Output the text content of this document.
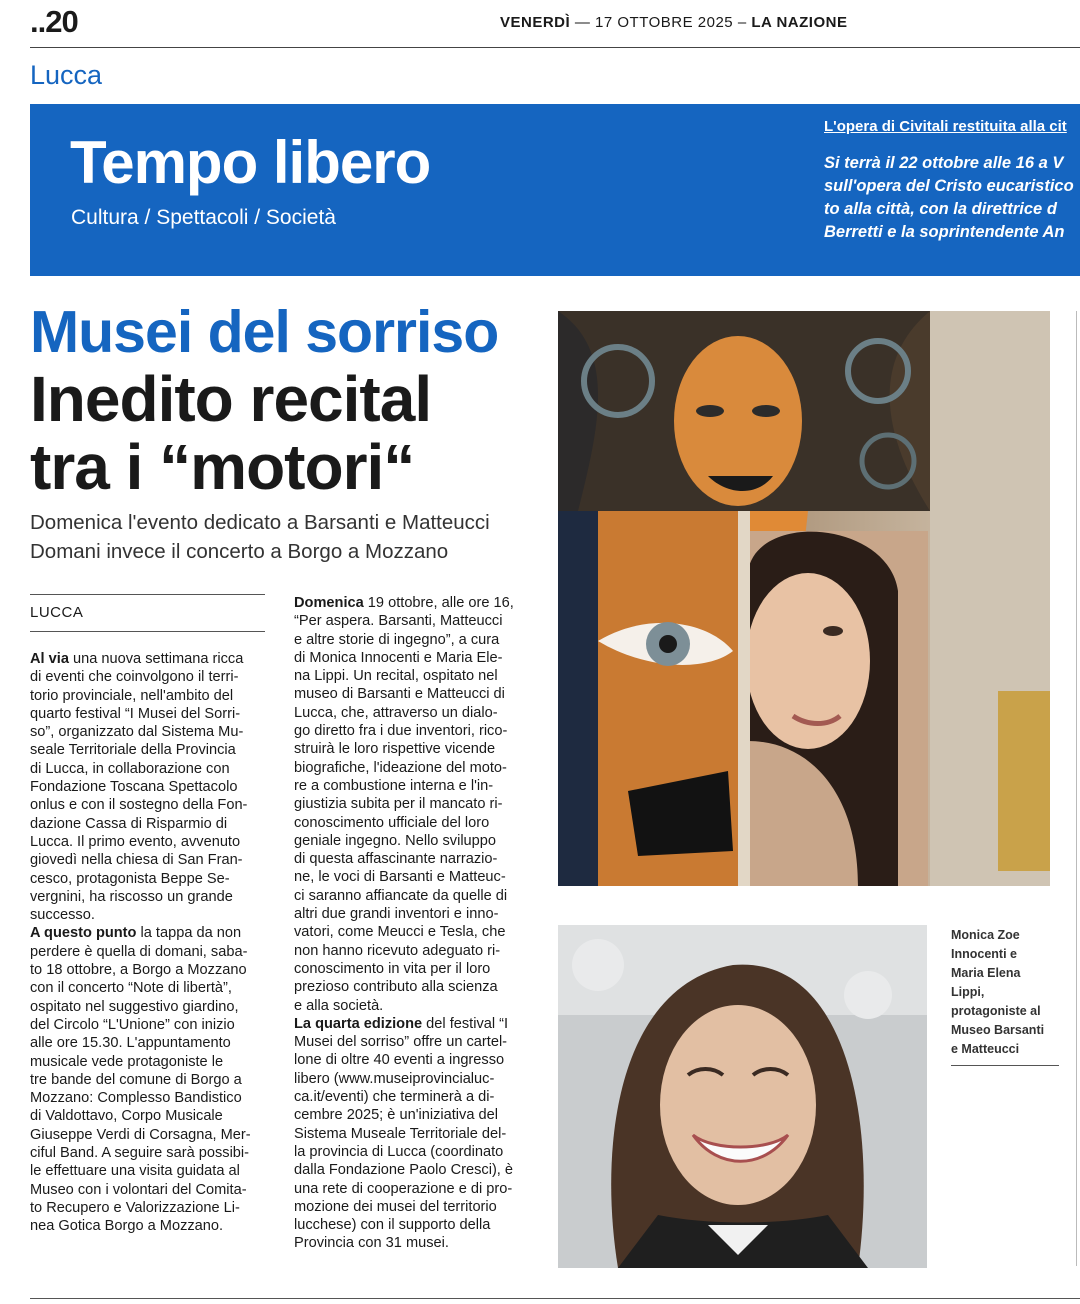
..20	VENERDÌ — 17 OTTOBRE 2025 – LA NAZIONE
Lucca
Tempo libero
Cultura / Spettacoli / Società
L'opera di Civitali restituita alla cit
Si terrà il 22 ottobre alle 16 a V
sull'opera del Cristo eucaristico
to alla città, con la direttrice d
Berretti e la soprintendente An
Musei del sorriso
Inedito recital
tra i “motori“
Domenica l'evento dedicato a Barsanti e Matteucci
Domani invece il concerto a Borgo a Mozzano
LUCCA
Al via una nuova settimana ricca
di eventi che coinvolgono il terri-
torio provinciale, nell'ambito del
quarto festival “I Musei del Sorri-
so”, organizzato dal Sistema Mu-
seale Territoriale della Provincia
di Lucca, in collaborazione con
Fondazione Toscana Spettacolo
onlus e con il sostegno della Fon-
dazione Cassa di Risparmio di
Lucca. Il primo evento, avvenuto
giovedì nella chiesa di San Fran-
cesco, protagonista Beppe Se-
vergnini, ha riscosso un grande
successo.
A questo punto la tappa da non
perdere è quella di domani, saba-
to 18 ottobre, a Borgo a Mozzano
con il concerto “Note di libertà”,
ospitato nel suggestivo giardino,
del Circolo “L'Unione” con inizio
alle ore 15.30. L'appuntamento
musicale vede protagoniste le
tre bande del comune di Borgo a
Mozzano: Complesso Bandistico
di Valdottavo, Corpo Musicale
Giuseppe Verdi di Corsagna, Mer-
ciful Band. A seguire sarà possibi-
le effettuare una visita guidata al
Museo con i volontari del Comita-
to Recupero e Valorizzazione Li-
nea Gotica Borgo a Mozzano.
Domenica 19 ottobre, alle ore 16,
“Per aspera. Barsanti, Matteucci
e altre storie di ingegno”, a cura
di Monica Innocenti e Maria Ele-
na Lippi. Un recital, ospitato nel
museo di Barsanti e Matteucci di
Lucca, che, attraverso un dialo-
go diretto fra i due inventori, rico-
struirà le loro rispettive vicende
biografiche, l'ideazione del moto-
re a combustione interna e l'in-
giustizia subita per il mancato ri-
conoscimento ufficiale del loro
geniale ingegno. Nello sviluppo
di questa affascinante narrazio-
ne, le voci di Barsanti e Matteuc-
ci saranno affiancate da quelle di
altri due grandi inventori e inno-
vatori, come Meucci e Tesla, che
non hanno ricevuto adeguato ri-
conoscimento in vita per il loro
prezioso contributo alla scienza
e alla società.
La quarta edizione del festival “I
Musei del sorriso” offre un cartel-
lone di oltre 40 eventi a ingresso
libero (www.museiprovincialuc-
ca.it/eventi) che terminerà a di-
cembre 2025; è un'iniziativa del
Sistema Museale Territoriale del-
la provincia di Lucca (coordinato
dalla Fondazione Paolo Cresci), è
una rete di cooperazione e di pro-
mozione dei musei del territorio
lucchese) con il supporto della
Provincia con 31 musei.
Monica Zoe
Innocenti e
Maria Elena
Lippi,
protagoniste al
Museo Barsanti
e Matteucci
